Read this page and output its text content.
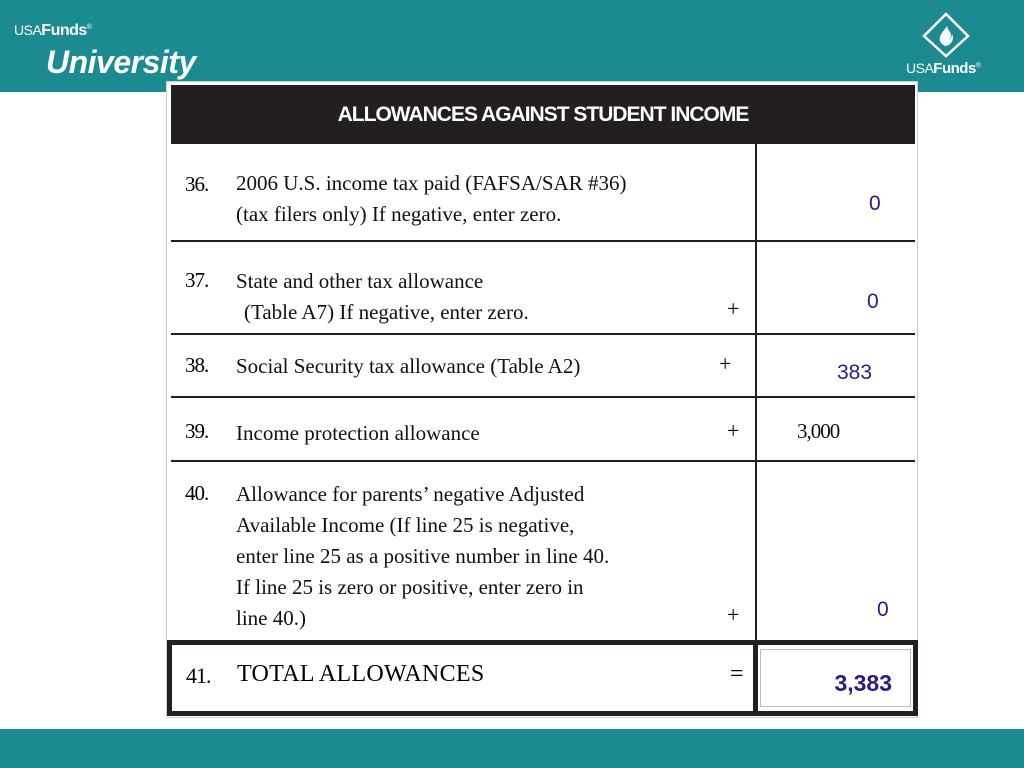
USAFunds®
University	USAFunds®
ALLOWANCES AGAINST STUDENT INCOME
36. 2006 U.S. income tax paid (FAFSA/SAR #36)
(tax filers only) If negative, enter zero.	0
37. State and other tax allowance
(Table A7) If negative, enter zero.	+	0
38. Social Security tax allowance (Table A2)	+	383
39. Income protection allowance	+	3,000
40. Allowance for parents’ negative Adjusted
Available Income (If line 25 is negative,
enter line 25 as a positive number in line 40.
If line 25 is zero or positive, enter zero in
line 40.)	+	0
41. TOTAL ALLOWANCES	=	3,383
